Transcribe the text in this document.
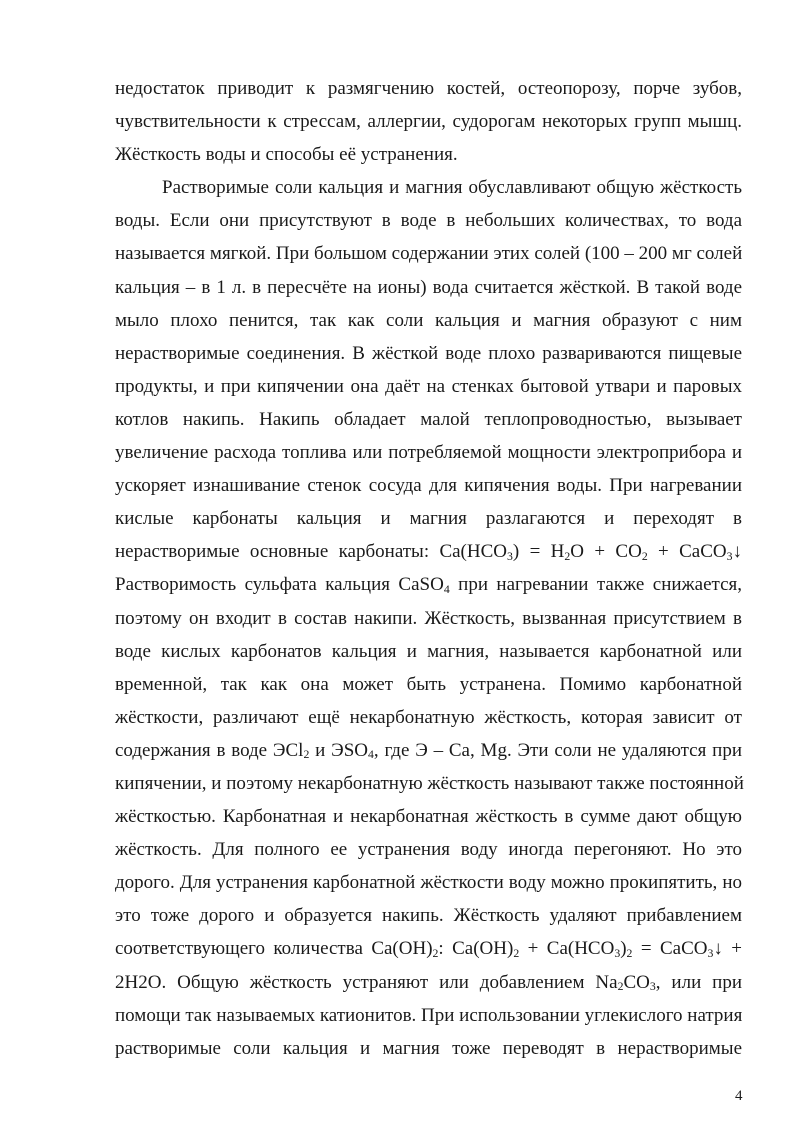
недостаток приводит к размягчению костей, остеопорозу, порче зубов,
чувствительности к стрессам, аллергии, судорогам некоторых групп мышц.
Жёсткость воды и способы её устранения.
Растворимые соли кальция и магния обуславливают общую жёсткость
воды. Если они присутствуют в воде в небольших количествах, то вода
называется мягкой. При большом содержании этих солей (100 – 200 мг солей
кальция – в 1 л. в пересчёте на ионы) вода считается жёсткой. В такой воде
мыло плохо пенится, так как соли кальция и магния образуют с ним
нерастворимые соединения. В жёсткой воде плохо развариваются пищевые
продукты, и при кипячении она даёт на стенках бытовой утвари и паровых
котлов накипь. Накипь обладает малой теплопроводностью, вызывает
увеличение расхода топлива или потребляемой мощности электроприбора и
ускоряет изнашивание стенок сосуда для кипячения воды. При нагревании
кислые карбонаты кальция и магния разлагаются и переходят в
нерастворимые основные карбонаты: $Ca(HCO_3) = H_2O + CO_2$ + CaCO$_3$↓
Растворимость сульфата кальция CaSO$_4$ при нагревании также снижается,
поэтому он входит в состав накипи. Жёсткость, вызванная присутствием в
воде кислых карбонатов кальция и магния, называется карбонатной или
временной, так как она может быть устранена. Помимо карбонатной
жёсткости, различают ещё некарбонатную жёсткость, которая зависит от
содержания в воде ЭCl$_2$ и $ЭSO_4$, где Э – Ca, Mg. Эти соли не удаляются при
кипячении, и поэтому некарбонатную жёсткость называют также постоянной
жёсткостью. Карбонатная и некарбонатная жёсткость в сумме дают общую
жёсткость. Для полного ее устранения воду иногда перегоняют. Но это
дорого. Для устранения карбонатной жёсткости воду можно прокипятить, но
это тоже дорого и образуется накипь. Жёсткость удаляют прибавлением
соответствующего количества $Ca(OH)_2$: $Ca(OH)_2 + Ca(HCO_3)_2$ = CaCO$_3$↓ +
2H2O. Общую жёсткость устраняют или добавлением $Na_2CO_3$, или при
помощи так называемых катионитов. При использовании углекислого натрия
растворимые соли кальция и магния тоже переводят в нерастворимые
4
